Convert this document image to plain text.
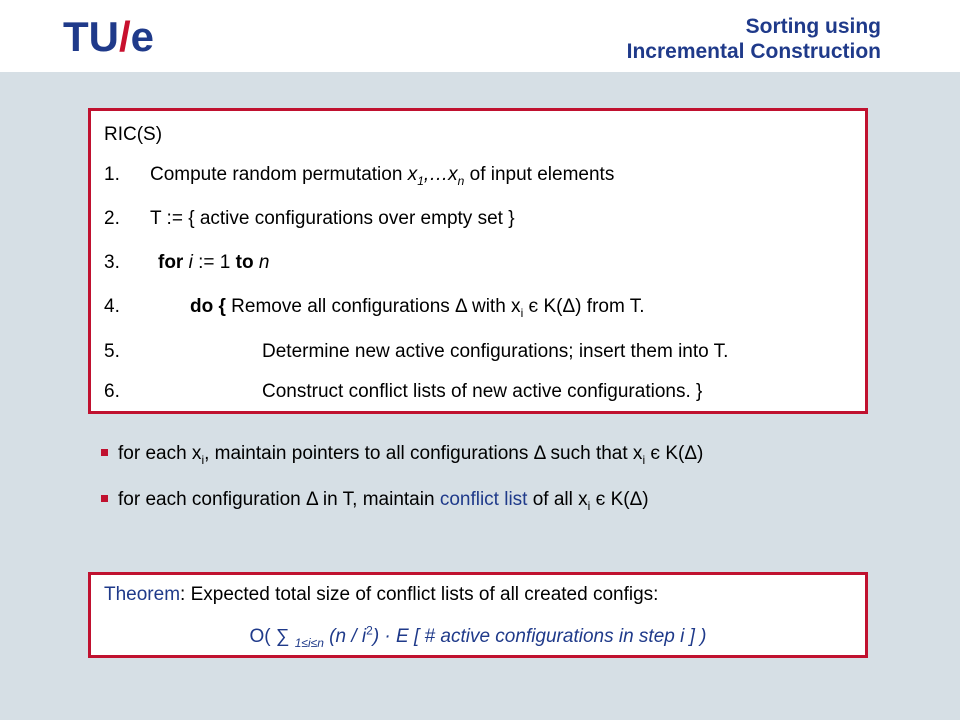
TU/e	Sorting using
Incremental Construction
RIC(S)
1. Compute random permutation $x_1,\dots x_n$ of input elements
2. T := { active configurations over empty set }
3. for i := 1 to n
4.	do { Remove all configurations Δ with $x_i$ є K(Δ) from T.
5.	Determine new active configurations; insert them into T.
6.	Construct conflict lists of new active configurations. }
for each $x_i$, maintain pointers to all configurations Δ such that $x_i$ є K(Δ)
for each configuration Δ in T, maintain conflict list of all $x_i$ є K(Δ)
Theorem: Expected total size of conflict lists of all created configs:
O( ∑ $_{1\le i\le n}$ $(n / i^2) \cdot E$ [ # active configurations in step i ] )
